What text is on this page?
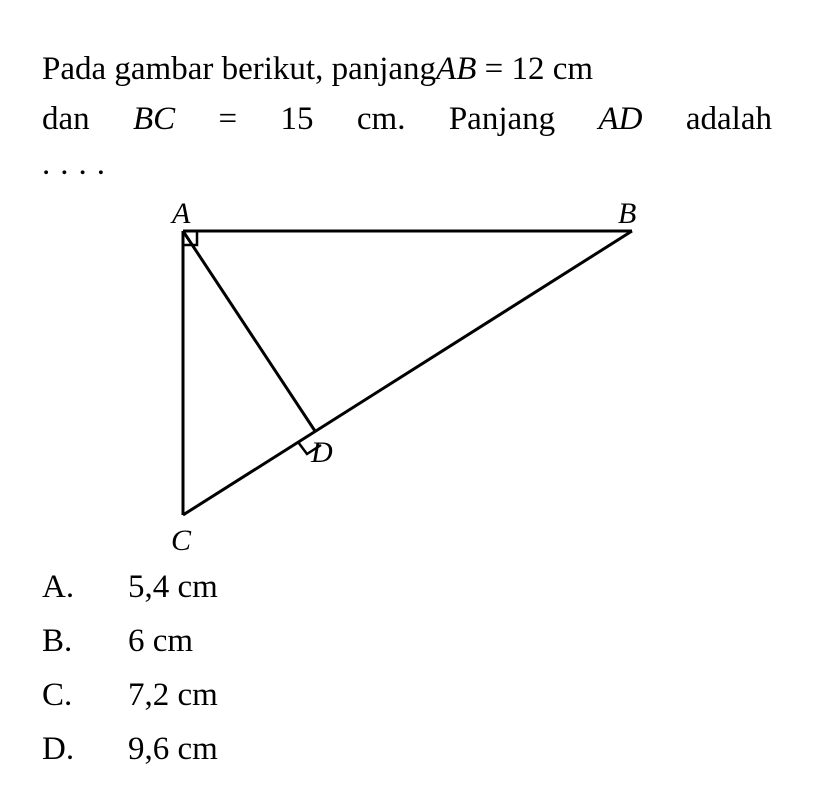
Pada gambar berikut, panjang AB = 12 cm
dan BC = 15 cm. Panjang AD adalah
....
A	B
C
D
A.	5,4 cm
B.	6 cm
C.	7,2 cm
D.	9,6 cm
